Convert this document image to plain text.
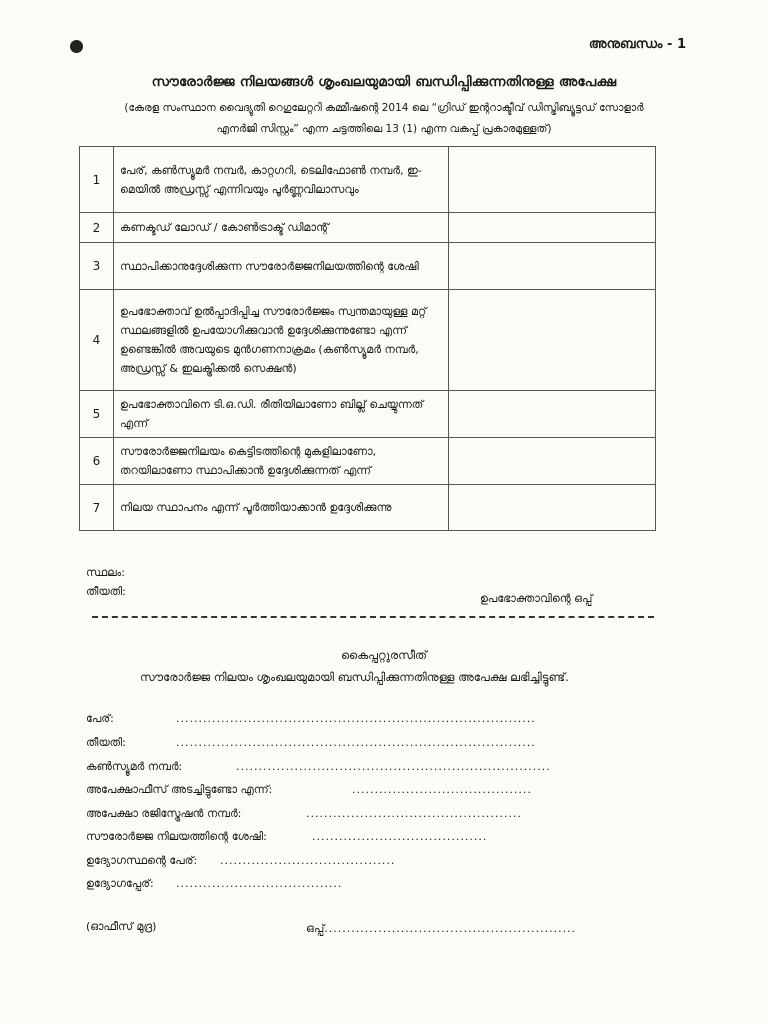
അനുബന്ധം - 1
സൗരോർജ്ജ നിലയങ്ങൾ ശൃംഖലയുമായി ബന്ധിപ്പിക്കുന്നതിനുള്ള അപേക്ഷ
(കേരള സംസ്ഥാന വൈദ്യുതി റെഗുലേറ്ററി കമ്മീഷന്റെ 2014 ലെ “ഗ്രിഡ് ഇന്ററാക്ടീവ് ഡിസ്ട്രിബ്യൂട്ടഡ് സോളാർ
എനർജി സിസ്റ്റം” എന്ന ചട്ടത്തിലെ 13 (1) എന്ന വകുപ്പ് പ്രകാരമുള്ളത്)
1	പേര്, കൺസ്യൂമർ നമ്പർ, കാറ്റഗറി, ടെലിഫോൺ നമ്പർ, ഇ-മെയിൽ അഡ്രസ്സ് എന്നിവയും പൂർണ്ണവിലാസവും	
2	കണക്ടഡ് ലോഡ് / കോൺട്രാക്ട് ഡിമാന്റ്	
3	സ്ഥാപിക്കാനുദ്ദേശിക്കുന്ന സൗരോർജ്ജനിലയത്തിന്റെ ശേഷി	
4	ഉപഭോക്താവ് ഉൽപ്പാദിപ്പിച്ച സൗരോർജ്ജം സ്വന്തമായുള്ള മറ്റ് സ്ഥലങ്ങളിൽ ഉപയോഗിക്കുവാൻ ഉദ്ദേശിക്കുന്നുണ്ടോ എന്ന് ഉണ്ടെങ്കിൽ അവയുടെ മുൻഗണനാക്രമം (കൺസ്യൂമർ നമ്പർ, അഡ്രസ്സ് & ഇലക്ട്രിക്കൽ സെക്ഷൻ)	
5	ഉപഭോക്താവിനെ ടി.ഒ.ഡി. രീതിയിലാണോ ബില്ല് ചെയ്യുന്നത് എന്ന്	
6	സൗരോർജ്ജനിലയം കെട്ടിടത്തിന്റെ മുകളിലാണോ, തറയിലാണോ സ്ഥാപിക്കാൻ ഉദ്ദേശിക്കുന്നത് എന്ന്	
7	നിലയ സ്ഥാപനം എന്ന് പൂർത്തിയാക്കാൻ ഉദ്ദേശിക്കുന്നു	
സ്ഥലം:
തീയതി:
ഉപഭോക്താവിന്റെ ഒപ്പ്
കൈപ്പറ്റുരസീത്
സൗരോർജ്ജ നിലയം ശൃംഖലയുമായി ബന്ധിപ്പിക്കുന്നതിനുള്ള അപേക്ഷ ലഭിച്ചിട്ടുണ്ട്.
പേര്:	................................................................................
തീയതി:	................................................................................
കൺസ്യൂമർ നമ്പർ:	......................................................................
അപേക്ഷാഫീസ് അടച്ചിട്ടുണ്ടോ എന്ന്:	........................................
അപേക്ഷാ രജിസ്ട്രേഷൻ നമ്പർ:	................................................
സൗരോർജ്ജ നിലയത്തിന്റെ ശേഷി:	.......................................
ഉദ്യോഗസ്ഥന്റെ പേര്: .......................................
ഉദ്യോഗപ്പേര്: .....................................
(ഓഫീസ് മുദ്ര)	ഒപ്പ്........................................................
